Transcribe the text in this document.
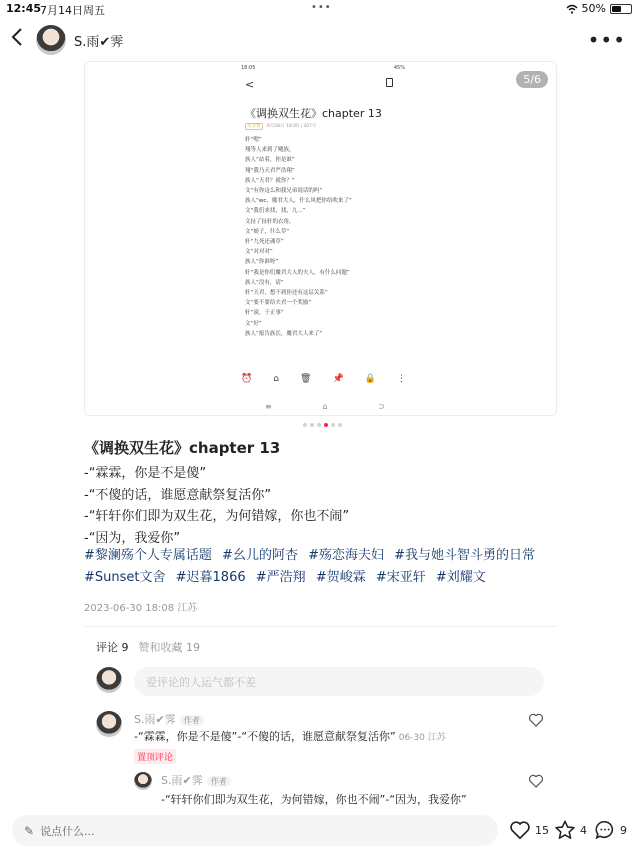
12:45
7月14日周五	•••	50%
S.雨✔︎霁	•••
18:05	45%
<
《调换双生花》chapter 13
未分类 6月28日 18:00 | 307字
轩“嗯”
翔等人来到了飓族。
族人“站着，你是谁”
翔“我乃天君严浩翔”
族人“天君？就你？”
文“有你这么和我兄弟说话的吗”
族人“wc，魔君大人，什么风把你给吹来了”
文“我们来找，找，九…”
文扯了扯轩的衣角。
文“娘子，什么草”
轩“九死还魂草”
文“对对对”
族人“你谁呀”
轩“我是你们魔君大人的夫人，有什么问题”
族人“没有，请”
轩“天君，想不到你还有这层关系”
文“要不要给夫君一个奖励”
轩“滚，干正事”
文“好”
族人“报告族长，魔君大人来了”
⏰ ⌂ 🗑 📌 🔒 ⋮
≡	⌂	⊃
5/6
《调换双生花》chapter 13
-“霖霖，你是不是傻”
-“不傻的话，谁愿意献祭复活你”
-“轩轩你们即为双生花，为何错嫁，你也不闹”
-“因为，我爱你”
#黎澜殇个人专属话题 #幺儿的阿杏 #殇恋海夫妇 #我与她斗智斗勇的日常 #Sunset文舍 #迟暮1866 #严浩翔 #贺峻霖 #宋亚轩 #刘耀文
2023-06-30 18:08 江苏
评论 9 赞和收藏 19
爱评论的人运气都不差
S.雨✔︎霁 作者
-“霖霖，你是不是傻”-“不傻的话，谁愿意献祭复活你” 06-30 江苏
置顶评论
S.雨✔︎霁 作者
-“轩轩你们即为双生花，为何错嫁，你也不闹”-“因为，我爱你”
✎ 说点什么...	15	4	9
